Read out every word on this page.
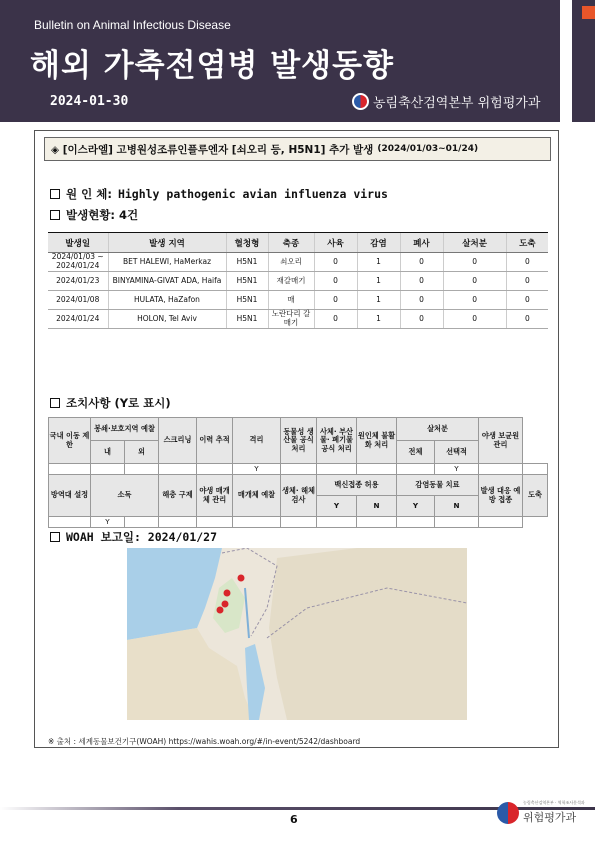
Bulletin on Animal Infectious Disease
해외 가축전염병 발생동향
2024-01-30	농림축산검역본부 위험평가과
◈ [이스라엘] 고병원성조류인플루엔자 [쇠오리 등, H5N1] 추가 발생 (2024/01/03~01/24)
원 인 체: Highly pathogenic avian influenza virus
발생현황: 4건
발생일	발생 지역	혈청형	축종	사육	감염	폐사	살처분	도축
2024/01/03 ~ 2024/01/24	BET HALEWI, HaMerkaz	H5N1	쇠오리	0	1	0	0	0
2024/01/23	BINYAMINA-GIVAT ADA, Haifa	H5N1	재갈매기	0	1	0	0	0
2024/01/08	HULATA, HaZafon	H5N1	매	0	1	0	0	0
2024/01/24	HOLON, Tel Aviv	H5N1	노란다리 갈매기	0	1	0	0	0
조치사항 (Y로 표시)
국내 이동 제한	봉쇄·보호지역 예찰		스크리닝	이력 추적	격리	동물성 생산물 공식 처리	사체· 부산물· 폐기물 공식 처리	원인체 불활화 처리	살처분		야생 보균원 관리	
	내	외							전체	선택적		
					Y					Y		
방역대 설정	소독		해충 구제	야생 매개체 관리	매개체 예찰	생체· 해체 검사	백신접종 허용		감염동물 치료		발생 대응 예방 접종	도축
							Y	N	Y	N		
	Y											
WOAH 보고일: 2024/01/27
※ 출처 : 세계동물보건기구(WOAH) https://wahis.woah.org/#/in-event/5242/dashboard
6
농림축산검역본부 · 역학조사분석과
위험평가과
